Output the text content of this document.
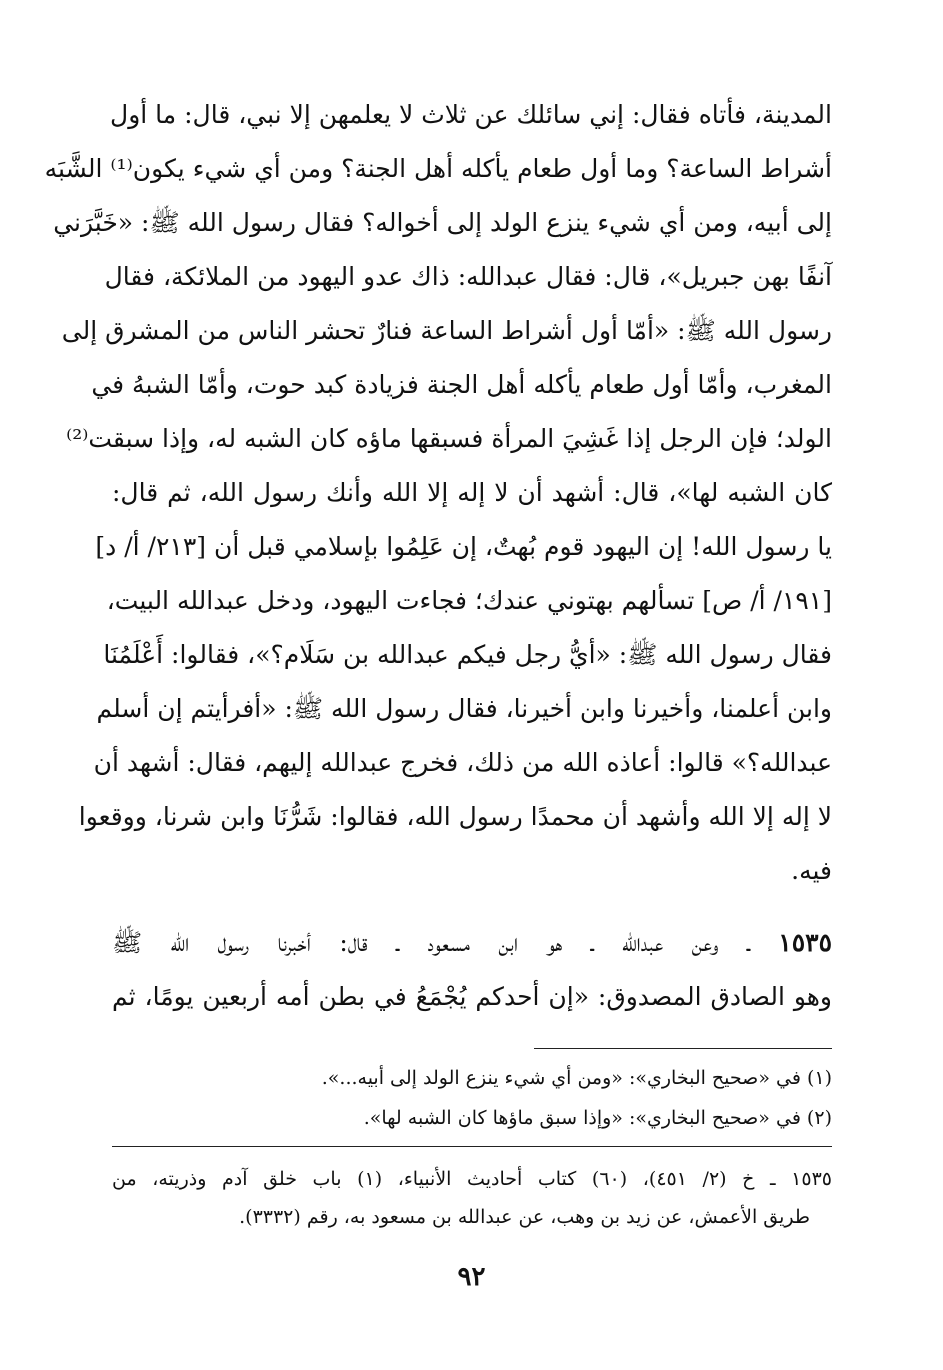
المدينة، فأتاه فقال: إني سائلك عن ثلاث لا يعلمهن إلا نبي، قال: ما أول
أشراط الساعة؟ وما أول طعام يأكله أهل الجنة؟ ومن أي شيء يكون⁽¹⁾ الشَّبَه
إلى أبيه، ومن أي شيء ينزع الولد إلى أخواله؟ فقال رسول الله ﷺ: «خَبَّرَني
آنفًا بهن جبريل»، قال: فقال عبدالله: ذاك عدو اليهود من الملائكة، فقال
رسول الله ﷺ: «أمّا أول أشراط الساعة فنارٌ تحشر الناس من المشرق إلى
المغرب، وأمّا أول طعام يأكله أهل الجنة فزيادة كبد حوت، وأمّا الشبهُ في
الولد؛ فإن الرجل إذا غَشِيَ المرأة فسبقها ماؤه كان الشبه له، وإذا سبقت⁽²⁾
كان الشبه لها»، قال: أشهد أن لا إله إلا الله وأنك رسول الله، ثم قال:
يا رسول الله! إن اليهود قوم بُهتٌ، إن عَلِمُوا بإسلامي قبل أن [٢١٣/ أ/ د]
[١٩١/ أ/ ص] تسألهم بهتوني عندك؛ فجاءت اليهود، ودخل عبدالله البيت،
فقال رسول الله ﷺ: «أيُّ رجل فيكم عبدالله بن سَلَام؟»، فقالوا: أَعْلَمُنَا
وابن أعلمنا، وأخيرنا وابن أخيرنا، فقال رسول الله ﷺ: «أفرأيتم إن أسلم
عبدالله؟» قالوا: أعاذه الله من ذلك، فخرج عبدالله إليهم، فقال: أشهد أن
لا إله إلا الله وأشهد أن محمدًا رسول الله، فقالوا: شَرُّنَا وابن شرنا، ووقعوا
فيه.
١٥٣٥ ـ وعن عبدالله ـ هو ابن مسعود ـ قال: أخبرنا رسول الله ﷺ
وهو الصادق المصدوق: «إن أحدكم يُجْمَعُ في بطن أمه أربعين يومًا، ثم
(١) في «صحيح البخاري»: «ومن أي شيء ينزع الولد إلى أبيه...».
(٢) في «صحيح البخاري»: «وإذا سبق ماؤها كان الشبه لها».
١٥٣٥ ـ خ (٢/ ٤٥١)، (٦٠) كتاب أحاديث الأنبياء، (١) باب خلق آدم وذريته، من
طريق الأعمش، عن زيد بن وهب، عن عبدالله بن مسعود به، رقم (٣٣٣٢).
٩٢
